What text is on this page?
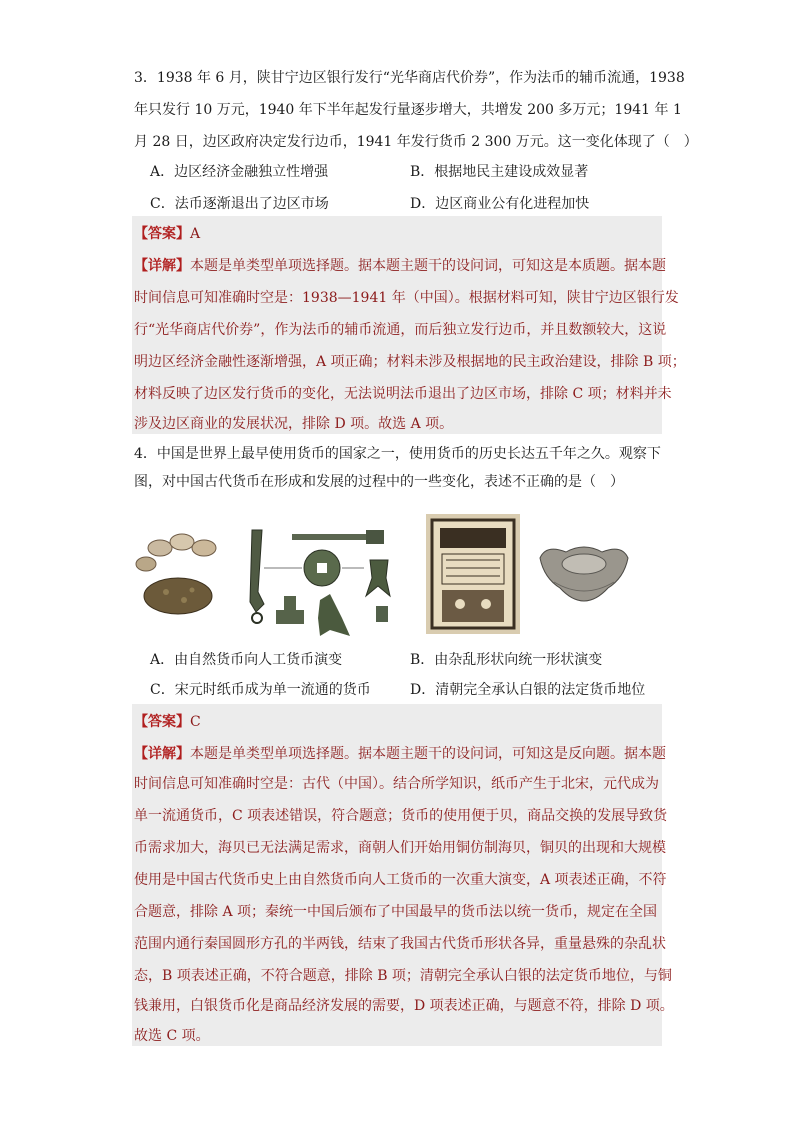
3．1938 年 6 月，陕甘宁边区银行发行“光华商店代价券”，作为法币的辅币流通，1938
年只发行 10 万元，1940 年下半年起发行量逐步增大，共增发 200 多万元；1941 年 1
月 28 日，边区政府决定发行边币，1941 年发行货币 2 300 万元。这一变化体现了（　）
A．边区经济金融独立性增强	B．根据地民主建设成效显著
C．法币逐渐退出了边区市场	D．边区商业公有化进程加快
【答案】A
【详解】本题是单类型单项选择题。据本题主题干的设问词，可知这是本质题。据本题
时间信息可知准确时空是：1938—1941 年（中国）。根据材料可知，陕甘宁边区银行发
行“光华商店代价券”，作为法币的辅币流通，而后独立发行边币，并且数额较大，这说
明边区经济金融性逐渐增强，A 项正确；材料未涉及根据地的民主政治建设，排除 B 项；
材料反映了边区发行货币的变化，无法说明法币退出了边区市场，排除 C 项；材料并未
涉及边区商业的发展状况，排除 D 项。故选 A 项。
4．中国是世界上最早使用货币的国家之一，使用货币的历史长达五千年之久。观察下
图，对中国古代货币在形成和发展的过程中的一些变化，表述不正确的是（　）
A．由自然货币向人工货币演变	B．由杂乱形状向统一形状演变
C．宋元时纸币成为单一流通的货币	D．清朝完全承认白银的法定货币地位
【答案】C
【详解】本题是单类型单项选择题。据本题主题干的设问词，可知这是反向题。据本题
时间信息可知准确时空是：古代（中国）。结合所学知识，纸币产生于北宋，元代成为
单一流通货币，C 项表述错误，符合题意；货币的使用便于贝，商品交换的发展导致货
币需求加大，海贝已无法满足需求，商朝人们开始用铜仿制海贝，铜贝的出现和大规模
使用是中国古代货币史上由自然货币向人工货币的一次重大演变，A 项表述正确，不符
合题意，排除 A 项；秦统一中国后颁布了中国最早的货币法以统一货币，规定在全国
范围内通行秦国圆形方孔的半两钱，结束了我国古代货币形状各异，重量悬殊的杂乱状
态，B 项表述正确，不符合题意，排除 B 项；清朝完全承认白银的法定货币地位，与铜
钱兼用，白银货币化是商品经济发展的需要，D 项表述正确，与题意不符，排除 D 项。
故选 C 项。
